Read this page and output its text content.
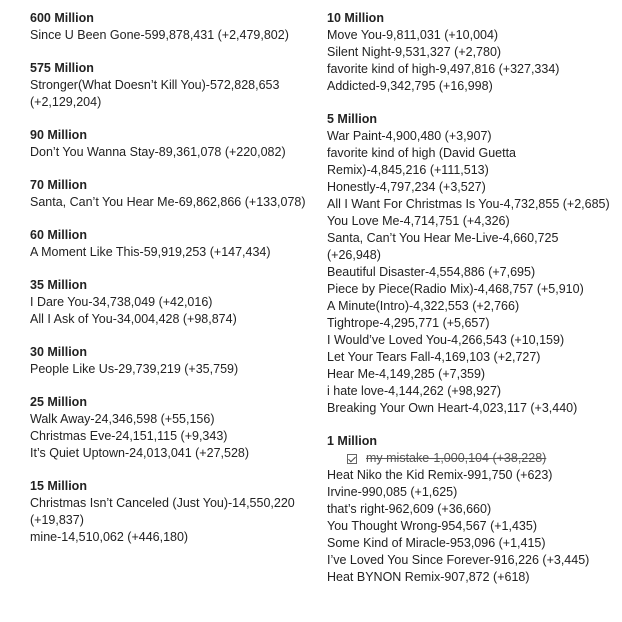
600 Million
Since U Been Gone-599,878,431 (+2,479,802)
575 Million
Stronger(What Doesn’t Kill You)-572,828,653 (+2,129,204)
90 Million
Don’t You Wanna Stay-89,361,078 (+220,082)
70 Million
Santa, Can’t You Hear Me-69,862,866 (+133,078)
60 Million
A Moment Like This-59,919,253 (+147,434)
35 Million
I Dare You-34,738,049 (+42,016)
All I Ask of You-34,004,428 (+98,874)
30 Million
People Like Us-29,739,219 (+35,759)
25 Million
Walk Away-24,346,598 (+55,156)
Christmas Eve-24,151,115 (+9,343)
It’s Quiet Uptown-24,013,041 (+27,528)
15 Million
Christmas Isn’t Canceled (Just You)-14,550,220 (+19,837)
mine-14,510,062 (+446,180)
10 Million
Move You-9,811,031 (+10,004)
Silent Night-9,531,327 (+2,780)
favorite kind of high-9,497,816 (+327,334)
Addicted-9,342,795 (+16,998)
5 Million
War Paint-4,900,480 (+3,907)
favorite kind of high (David Guetta Remix)-4,845,216 (+111,513)
Honestly-4,797,234 (+3,527)
All I Want For Christmas Is You-4,732,855 (+2,685)
You Love Me-4,714,751 (+4,326)
Santa, Can’t You Hear Me-Live-4,660,725 (+26,948)
Beautiful Disaster-4,554,886 (+7,695)
Piece by Piece(Radio Mix)-4,468,757 (+5,910)
A Minute(Intro)-4,322,553 (+2,766)
Tightrope-4,295,771 (+5,657)
I Would’ve Loved You-4,266,543 (+10,159)
Let Your Tears Fall-4,169,103 (+2,727)
Hear Me-4,149,285 (+7,359)
i hate love-4,144,262 (+98,927)
Breaking Your Own Heart-4,023,117 (+3,440)
1 Million
my mistake-1,000,104 (+38,228)
Heat Niko the Kid Remix-991,750 (+623)
Irvine-990,085 (+1,625)
that’s right-962,609 (+36,660)
You Thought Wrong-954,567 (+1,435)
Some Kind of Miracle-953,096 (+1,415)
I’ve Loved You Since Forever-916,226 (+3,445)
Heat BYNON Remix-907,872 (+618)
